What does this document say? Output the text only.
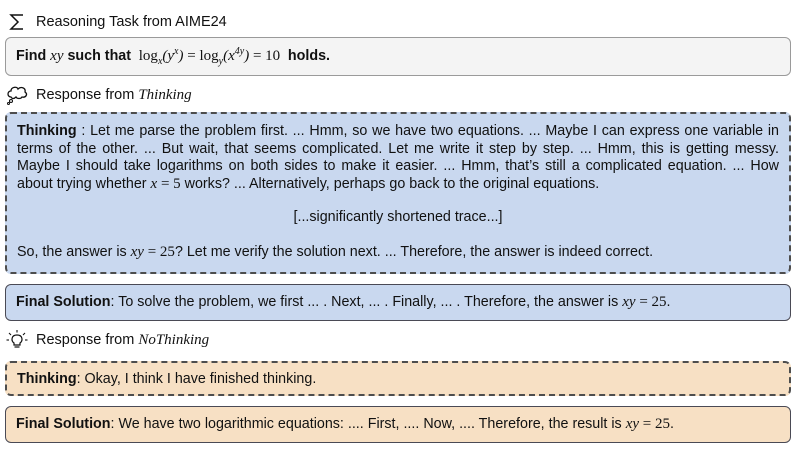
Reasoning Task from AIME24
Find xy such that $\log_x(y^x) = \log_y(x^{4y}) = 10$ holds.
Response from Thinking

Thinking : Let me parse the problem first. ... Hmm, so we have two equations. ... Maybe I can express one variable in terms of the other. ... But wait, that seems complicated. Let me write it step by step. ... Hmm, this is getting messy. Maybe I should take logarithms on both sides to make it easier. ... Hmm, that’s still a complicated equation. ... How about trying whether x = 5 works? ... Alternatively, perhaps go back to the original equations.

[...significantly shortened trace...]

So, the answer is xy = 25? Let me verify the solution next. ... Therefore, the answer is indeed correct.

Final Solution: To solve the problem, we first ... . Next, ... . Finally, ... . Therefore, the answer is xy = 25.
Response from NoThinking
Thinking: Okay, I think I have finished thinking.
Final Solution: We have two logarithmic equations: .... First, .... Now, .... Therefore, the result is xy = 25.
